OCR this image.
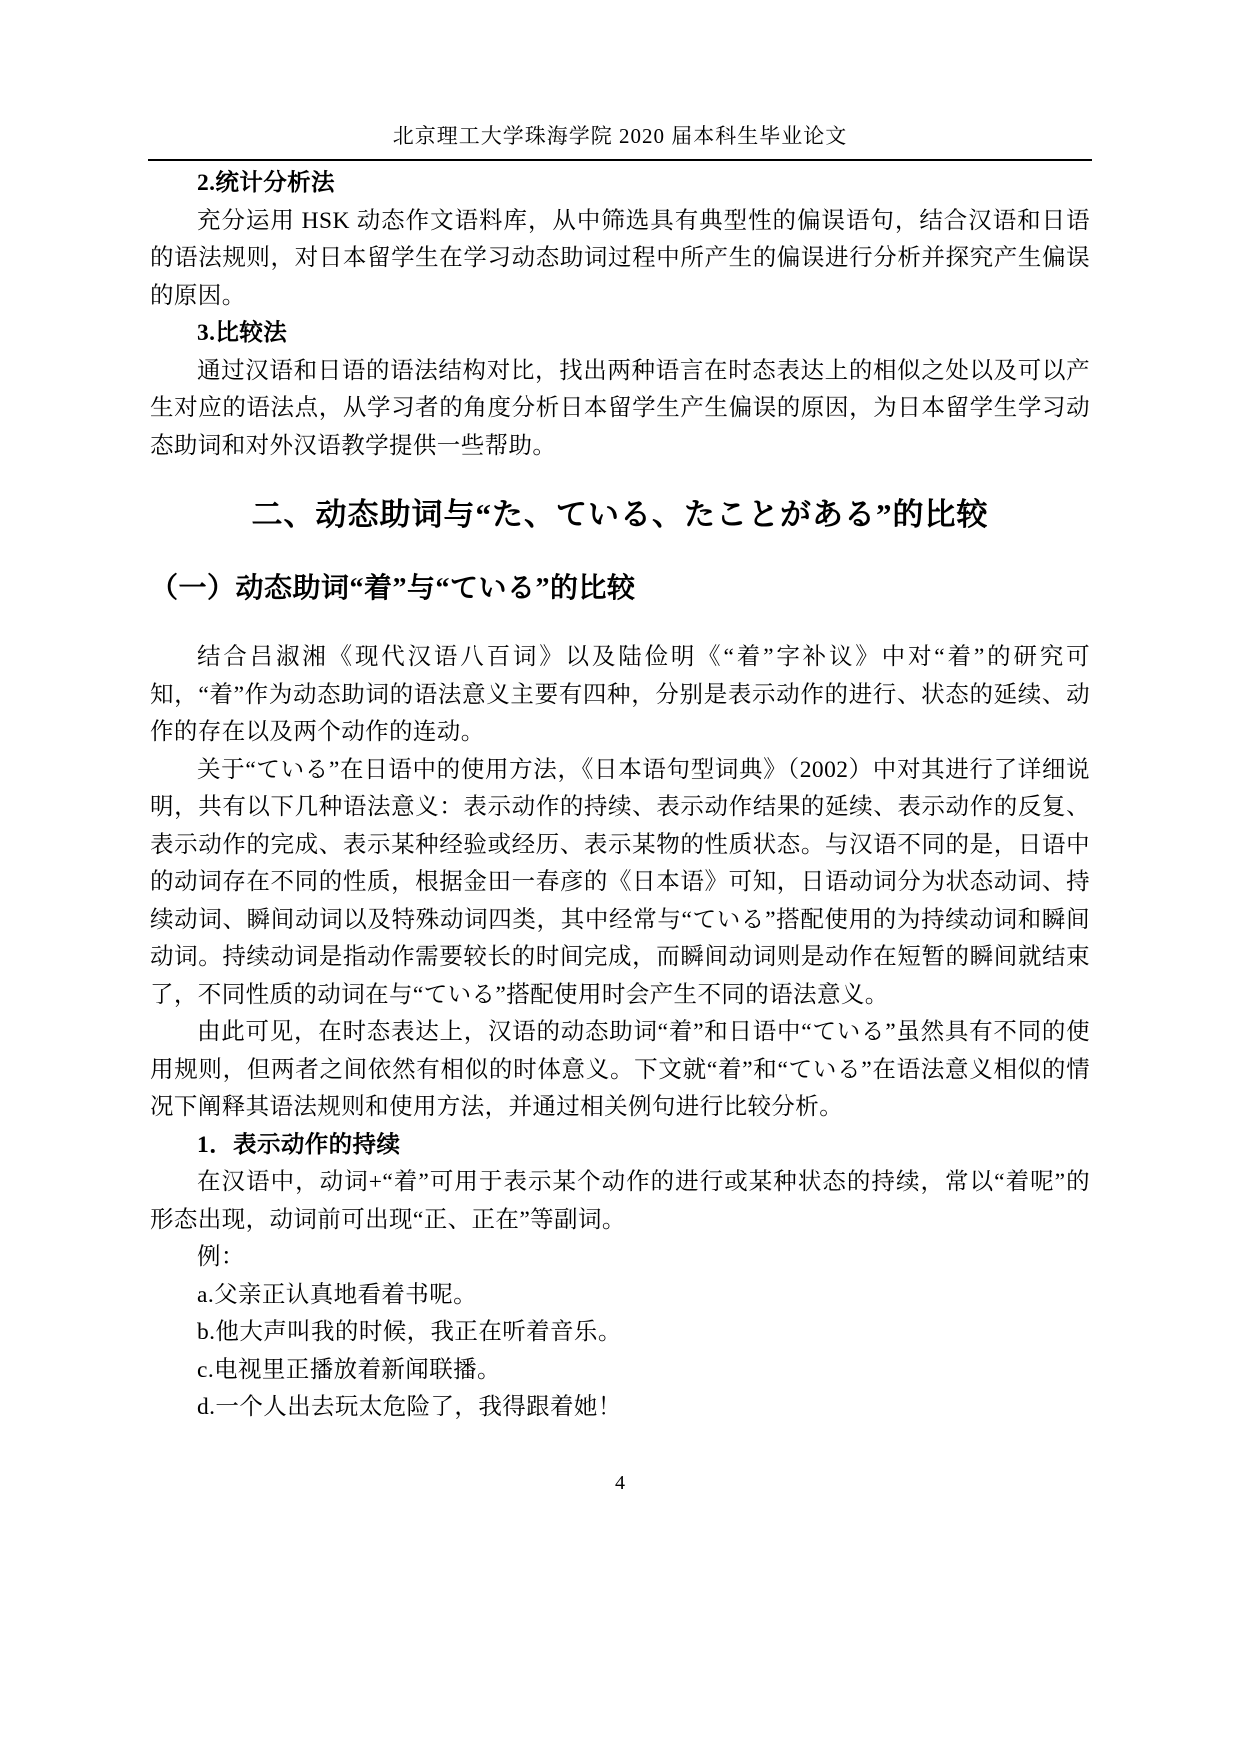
北京理工大学珠海学院 2020 届本科生毕业论文
2.统计分析法

充分运用 HSK 动态作文语料库，从中筛选具有典型性的偏误语句，结合汉语和日语的语法规则，对日本留学生在学习动态助词过程中所产生的偏误进行分析并探究产生偏误的原因。

3.比较法

通过汉语和日语的语法结构对比，找出两种语言在时态表达上的相似之处以及可以产生对应的语法点，从学习者的角度分析日本留学生产生偏误的原因，为日本留学生学习动态助词和对外汉语教学提供一些帮助。

二、动态助词与“た、ている、たことがある”的比较
（一）动态助词“着”与“ている”的比较

结合吕淑湘《现代汉语八百词》以及陆俭明《“着”字补议》中对“着”的研究可知，“着”作为动态助词的语法意义主要有四种，分别是表示动作的进行、状态的延续、动作的存在以及两个动作的连动。

关于“ている”在日语中的使用方法，《日本语句型词典》（2002）中对其进行了详细说明，共有以下几种语法意义：表示动作的持续、表示动作结果的延续、表示动作的反复、表示动作的完成、表示某种经验或经历、表示某物的性质状态。与汉语不同的是，日语中的动词存在不同的性质，根据金田一春彦的《日本语》可知，日语动词分为状态动词、持续动词、瞬间动词以及特殊动词四类，其中经常与“ている”搭配使用的为持续动词和瞬间动词。持续动词是指动作需要较长的时间完成，而瞬间动词则是动作在短暂的瞬间就结束了，不同性质的动词在与“ている”搭配使用时会产生不同的语法意义。

由此可见，在时态表达上，汉语的动态助词“着”和日语中“ている”虽然具有不同的使用规则，但两者之间依然有相似的时体意义。下文就“着”和“ている”在语法意义相似的情况下阐释其语法规则和使用方法，并通过相关例句进行比较分析。

1．表示动作的持续

在汉语中，动词+“着”可用于表示某个动作的进行或某种状态的持续，常以“着呢”的形态出现，动词前可出现“正、正在”等副词。

例：

a.父亲正认真地看着书呢。

b.他大声叫我的时候，我正在听着音乐。

c.电视里正播放着新闻联播。

d.一个人出去玩太危险了，我得跟着她！

4
